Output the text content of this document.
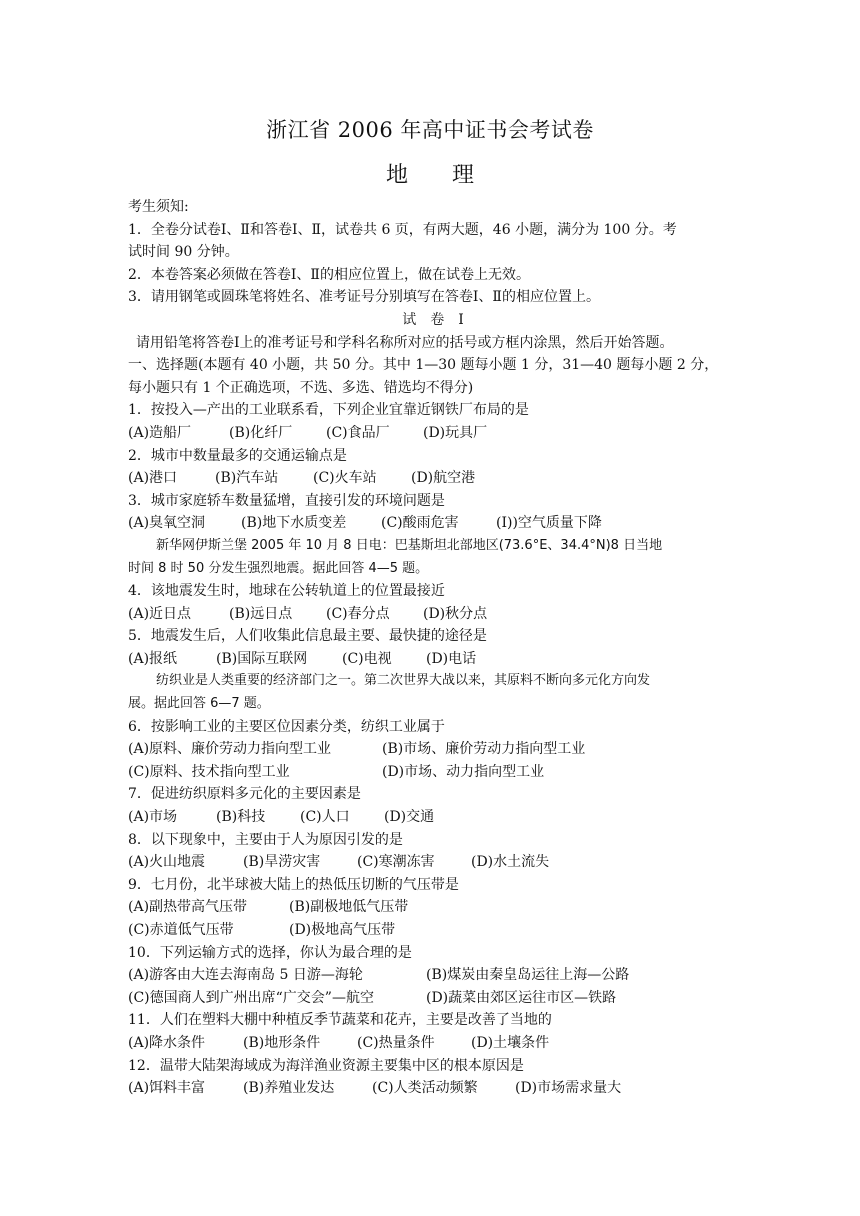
浙江省 2006 年高中证书会考试卷
地 理
考生须知:
1．全卷分试卷Ⅰ、Ⅱ和答卷Ⅰ、Ⅱ，试卷共 6 页，有两大题，46 小题，满分为 100 分。考
试时间 90 分钟。
2．本卷答案必须做在答卷Ⅰ、Ⅱ的相应位置上，做在试卷上无效。
3．请用钢笔或圆珠笔将姓名、准考证号分别填写在答卷Ⅰ、Ⅱ的相应位置上。
试　卷　Ⅰ
请用铅笔将答卷Ⅰ上的准考证号和学科名称所对应的括号或方框内涂黑，然后开始答题。
一、选择题(本题有 40 小题，共 50 分。其中 1—30 题每小题 1 分，31—40 题每小题 2 分，
每小题只有 1 个正确选项，不选、多选、错选均不得分)
1．按投入—产出的工业联系看，下列企业宜靠近钢铁厂布局的是
(A)造船厂	(B)化纤厂 (C)食品厂 (D)玩具厂
2．城市中数量最多的交通运输点是
(A)港口	(B)汽车站 (C)火车站 (D)航空港
3．城市家庭轿车数量猛增，直接引发的环境问题是
(A)臭氧空洞	(B)地下水质变差 (C)酸雨危害	(I))空气质量下降
新华网伊斯兰堡 2005 年 10 月 8 日电：巴基斯坦北部地区(73.6°E、34.4°N)8 日当地
时间 8 时 50 分发生强烈地震。据此回答 4—5 题。
4．该地震发生时，地球在公转轨道上的位置最接近
(A)近日点	(B)远日点 (C)春分点 (D)秋分点
5．地震发生后，人们收集此信息最主要、最快捷的途径是
(A)报纸	(B)国际互联网 (C)电视 (D)电话
纺织业是人类重要的经济部门之一。第二次世界大战以来，其原料不断向多元化方向发
展。据此回答 6—7 题。
6．按影响工业的主要区位因素分类，纺织工业属于
(A)原料、廉价劳动力指向型工业	(B)市场、廉价劳动力指向型工业
(C)原料、技术指向型工业	(D)市场、动力指向型工业
7．促进纺织原料多元化的主要因素是
(A)市场	(B)科技 (C)人口 (D)交通
8．以下现象中，主要由于人为原因引发的是
(A)火山地震	(B)旱涝灾害	(C)寒潮冻害	(D)水土流失
9．七月份，北半球被大陆上的热低压切断的气压带是
(A)副热带高气压带	(B)副极地低气压带
(C)赤道低气压带	(D)极地高气压带
10．下列运输方式的选择，你认为最合理的是
(A)游客由大连去海南岛 5 日游—海轮	(B)煤炭由秦皇岛运往上海—公路
(C)德国商人到广州出席“广交会”—航空	(D)蔬菜由郊区运往市区—铁路
11．人们在塑料大棚中种植反季节蔬菜和花卉，主要是改善了当地的
(A)降水条件	(B)地形条件	(C)热量条件	(D)土壤条件
12．温带大陆架海域成为海洋渔业资源主要集中区的根本原因是
(A)饵料丰富	(B)养殖业发达	(C)人类活动频繁	(D)市场需求量大
